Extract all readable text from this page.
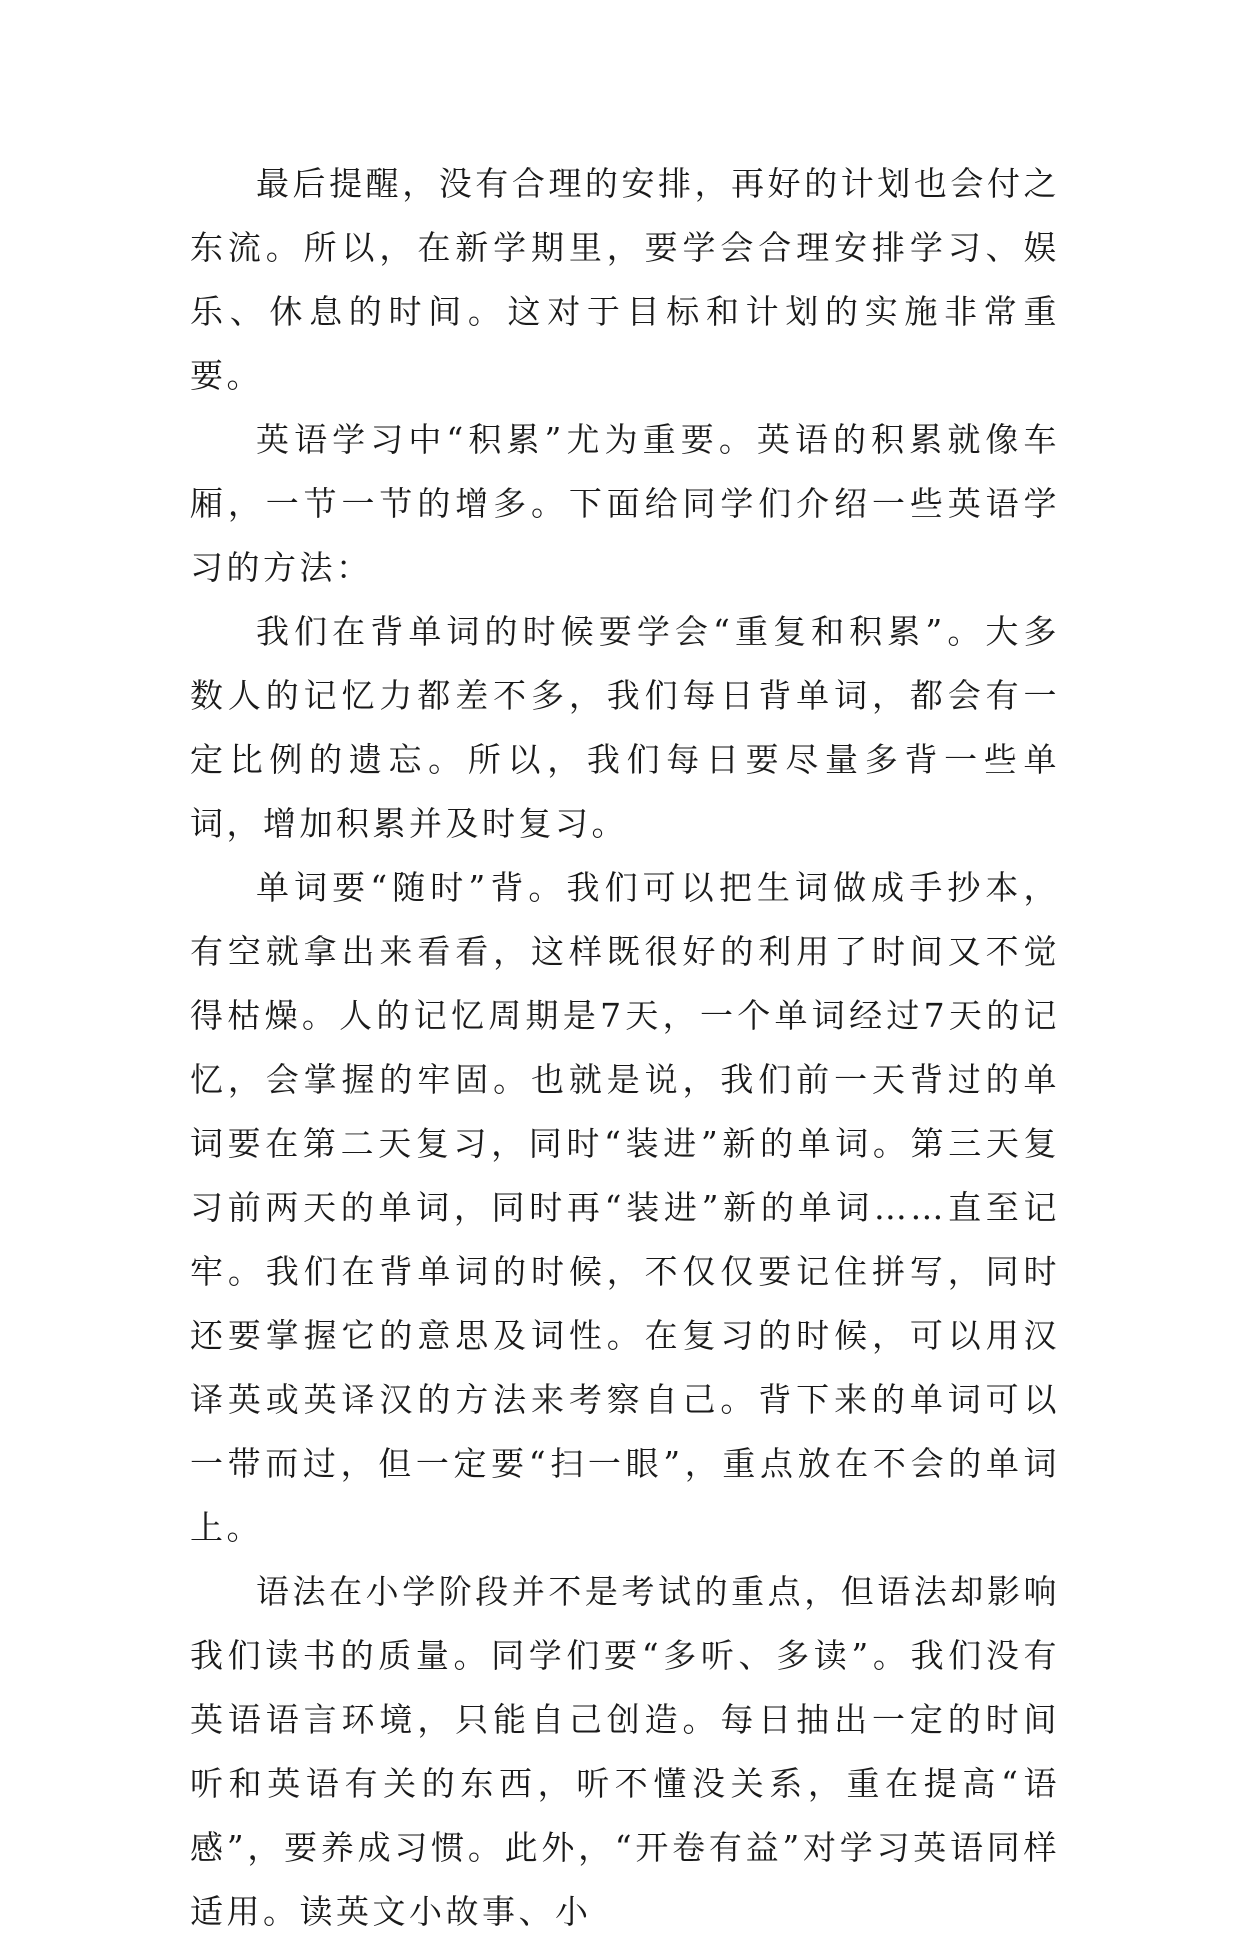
最后提醒，没有合理的安排，再好的计划也会付之东流。所以，在新学期里，要学会合理安排学习、娱乐、休息的时间。这对于目标和计划的实施非常重要。

英语学习中“积累”尤为重要。英语的积累就像车厢，一节一节的增多。下面给同学们介绍一些英语学习的方法：

我们在背单词的时候要学会“重复和积累”。大多数人的记忆力都差不多，我们每日背单词，都会有一定比例的遗忘。所以，我们每日要尽量多背一些单词，增加积累并及时复习。

单词要“随时”背。我们可以把生词做成手抄本，有空就拿出来看看，这样既很好的利用了时间又不觉得枯燥。人的记忆周期是7天，一个单词经过7天的记忆，会掌握的牢固。也就是说，我们前一天背过的单词要在第二天复习，同时“装进”新的单词。第三天复习前两天的单词，同时再“装进”新的单词……直至记牢。我们在背单词的时候，不仅仅要记住拼写，同时还要掌握它的意思及词性。在复习的时候，可以用汉译英或英译汉的方法来考察自己。背下来的单词可以一带而过，但一定要“扫一眼”，重点放在不会的单词上。

语法在小学阶段并不是考试的重点，但语法却影响我们读书的质量。同学们要“多听、多读”。我们没有英语语言环境，只能自己创造。每日抽出一定的时间听和英语有关的东西，听不懂没关系，重在提高“语感”，要养成习惯。此外，“开卷有益”对学习英语同样适用。读英文小故事、小
